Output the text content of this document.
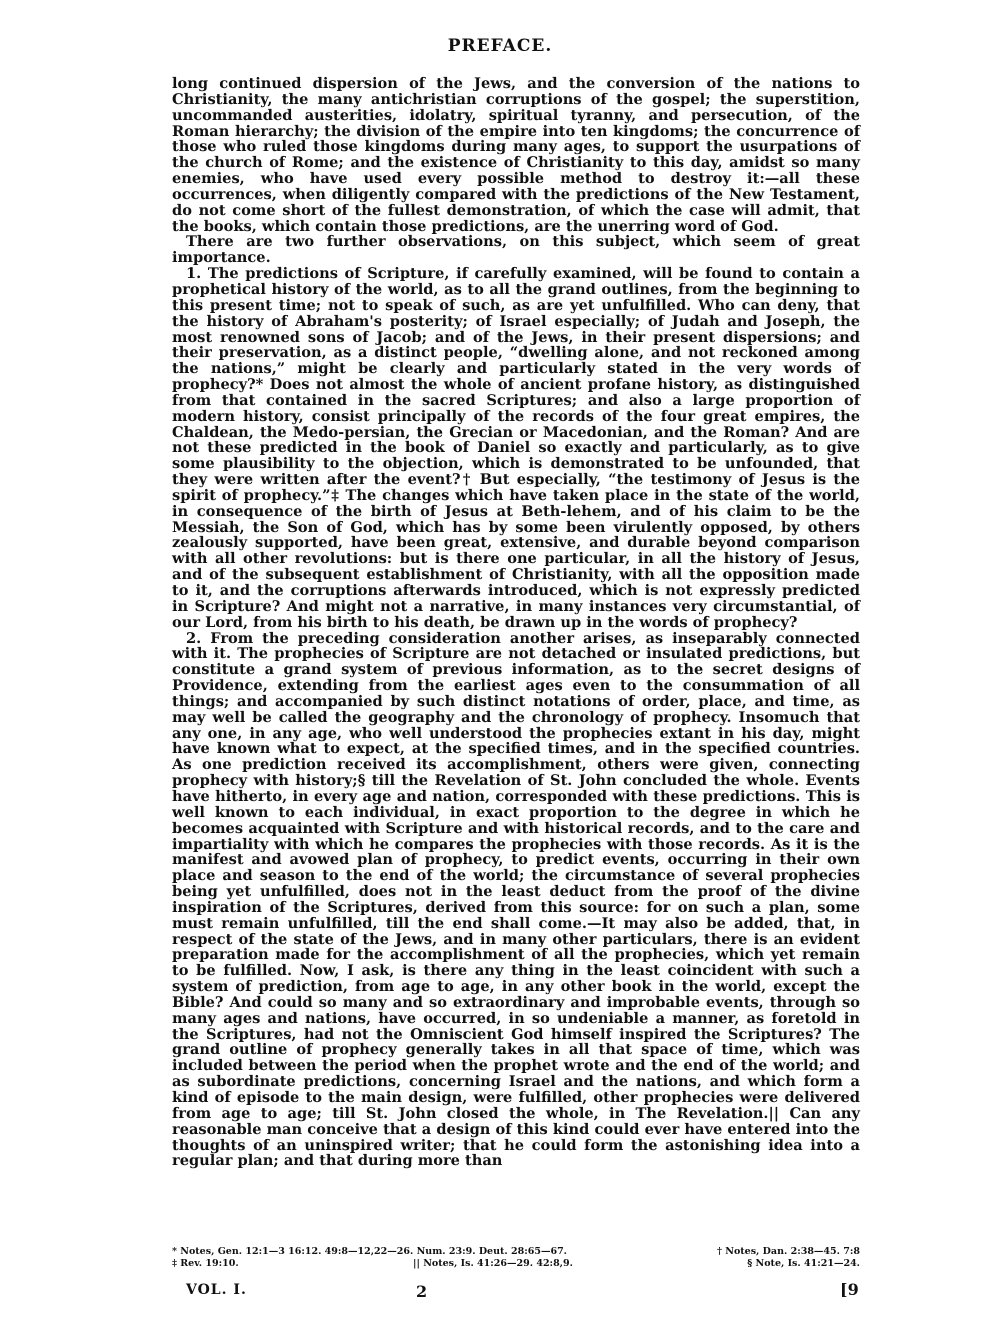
PREFACE.

long continued dispersion of the Jews, and the conversion of the nations to Christianity, the many antichristian corruptions of the gospel; the superstition, uncommanded austerities, idolatry, spiritual tyranny, and persecution, of the Roman hierarchy; the division of the empire into ten kingdoms; the concurrence of those who ruled those kingdoms during many ages, to support the usurpations of the church of Rome; and the existence of Christianity to this day, amidst so many enemies, who have used every possible method to destroy it:—all these occurrences, when diligently compared with the predictions of the New Testament, do not come short of the fullest demonstration, of which the case will admit, that the books, which contain those predictions, are the unerring word of God.

There are two further observations, on this subject, which seem of great importance.

1. The predictions of Scripture, if carefully examined, will be found to contain a prophetical history of the world, as to all the grand outlines, from the beginning to this present time; not to speak of such, as are yet unfulfilled. Who can deny, that the history of Abraham's posterity; of Israel especially; of Judah and Joseph, the most renowned sons of Jacob; and of the Jews, in their present dispersions; and their preservation, as a distinct people, “dwelling alone, and not reckoned among the nations,” might be clearly and particularly stated in the very words of prophecy?* Does not almost the whole of ancient profane history, as distinguished from that contained in the sacred Scriptures; and also a large proportion of modern history, consist principally of the records of the four great empires, the Chaldean, the Medo-persian, the Grecian or Macedonian, and the Roman? And are not these predicted in the book of Daniel so exactly and particularly, as to give some plausibility to the objection, which is demonstrated to be unfounded, that they were written after the event?† But especially, “the testimony of Jesus is the spirit of prophecy.”‡ The changes which have taken place in the state of the world, in consequence of the birth of Jesus at Beth-lehem, and of his claim to be the Messiah, the Son of God, which has by some been virulently opposed, by others zealously supported, have been great, extensive, and durable beyond comparison with all other revolutions: but is there one particular, in all the history of Jesus, and of the subsequent establishment of Christianity, with all the opposition made to it, and the corruptions afterwards introduced, which is not expressly predicted in Scripture? And might not a narrative, in many instances very circumstantial, of our Lord, from his birth to his death, be drawn up in the words of prophecy?

2. From the preceding consideration another arises, as inseparably connected with it. The prophecies of Scripture are not detached or insulated predictions, but constitute a grand system of previous information, as to the secret designs of Providence, extending from the earliest ages even to the consummation of all things; and accompanied by such distinct notations of order, place, and time, as may well be called the geography and the chronology of prophecy. Insomuch that any one, in any age, who well understood the prophecies extant in his day, might have known what to expect, at the specified times, and in the specified countries. As one prediction received its accomplishment, others were given, connecting prophecy with history;§ till the Revelation of St. John concluded the whole. Events have hitherto, in every age and nation, corresponded with these predictions. This is well known to each individual, in exact proportion to the degree in which he becomes acquainted with Scripture and with historical records, and to the care and impartiality with which he compares the prophecies with those records. As it is the manifest and avowed plan of prophecy, to predict events, occurring in their own place and season to the end of the world; the circumstance of several prophecies being yet unfulfilled, does not in the least deduct from the proof of the divine inspiration of the Scriptures, derived from this source: for on such a plan, some must remain unfulfilled, till the end shall come.—It may also be added, that, in respect of the state of the Jews, and in many other particulars, there is an evident preparation made for the accomplishment of all the prophecies, which yet remain to be fulfilled. Now, I ask, is there any thing in the least coincident with such a system of prediction, from age to age, in any other book in the world, except the Bible? And could so many and so extraordinary and improbable events, through so many ages and nations, have occurred, in so undeniable a manner, as foretold in the Scriptures, had not the Omniscient God himself inspired the Scriptures? The grand outline of prophecy generally takes in all that space of time, which was included between the period when the prophet wrote and the end of the world; and as subordinate predictions, concerning Israel and the nations, and which form a kind of episode to the main design, were fulfilled, other prophecies were delivered from age to age; till St. John closed the whole, in The Revelation.|| Can any reasonable man conceive that a design of this kind could ever have entered into the thoughts of an uninspired writer; that he could form the astonishing idea into a regular plan; and that during more than

* Notes, Gen. 12:1—3 16:12. 49:8—12,22—26. Num. 23:9. Deut. 28:65—67.	† Notes, Dan. 2:38—45. 7:8
‡ Rev. 19:10.	|| Notes, Is. 41:26—29. 42:8,9.	§ Note, Is. 41:21—24.
VOL. I.	2	[9
